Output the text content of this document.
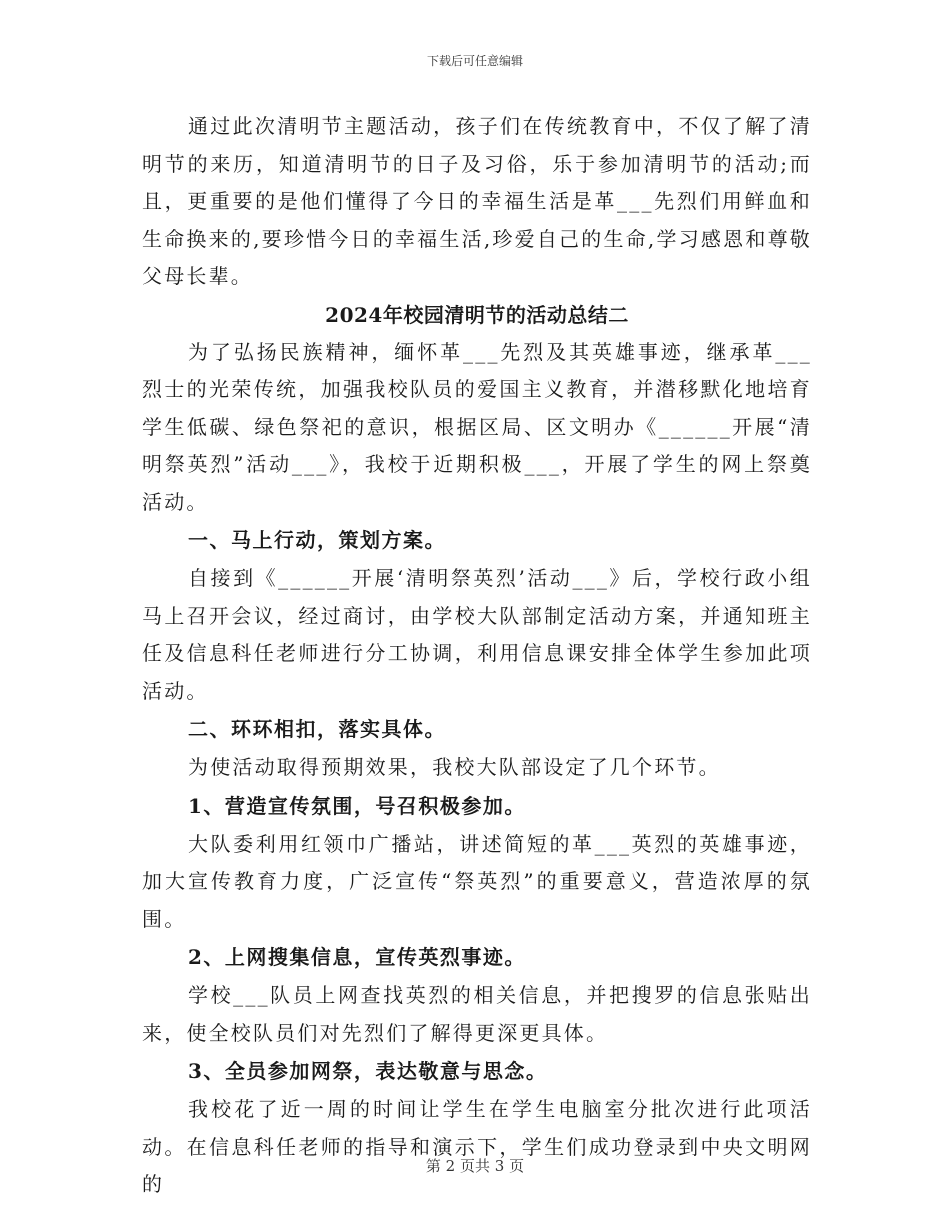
下载后可任意编辑

通过此次清明节主题活动，孩子们在传统教育中，不仅了解了清明节的来历，知道清明节的日子及习俗，乐于参加清明节的活动;而且，更重要的是他们懂得了今日的幸福生活是革___先烈们用鲜血和生命换来的,要珍惜今日的幸福生活,珍爱自己的生命,学习感恩和尊敬父母长辈。

2024年校园清明节的活动总结二

为了弘扬民族精神，缅怀革___先烈及其英雄事迹，继承革___烈士的光荣传统，加强我校队员的爱国主义教育，并潜移默化地培育学生低碳、绿色祭祀的意识，根据区局、区文明办《______开展“清明祭英烈”活动___》，我校于近期积极___，开展了学生的网上祭奠活动。

一、马上行动，策划方案。

自接到《______开展‘清明祭英烈’活动___》后，学校行政小组马上召开会议，经过商讨，由学校大队部制定活动方案，并通知班主任及信息科任老师进行分工协调，利用信息课安排全体学生参加此项活动。

二、环环相扣，落实具体。

为使活动取得预期效果，我校大队部设定了几个环节。

1、营造宣传氛围，号召积极参加。

大队委利用红领巾广播站，讲述简短的革___英烈的英雄事迹，加大宣传教育力度，广泛宣传“祭英烈”的重要意义，营造浓厚的氛围。

2、上网搜集信息，宣传英烈事迹。

学校___队员上网查找英烈的相关信息，并把搜罗的信息张贴出来，使全校队员们对先烈们了解得更深更具体。

3、全员参加网祭，表达敬意与思念。

我校花了近一周的时间让学生在学生电脑室分批次进行此项活动。在信息科任老师的指导和演示下，学生们成功登录到中央文明网的

第 2 页共 3 页
